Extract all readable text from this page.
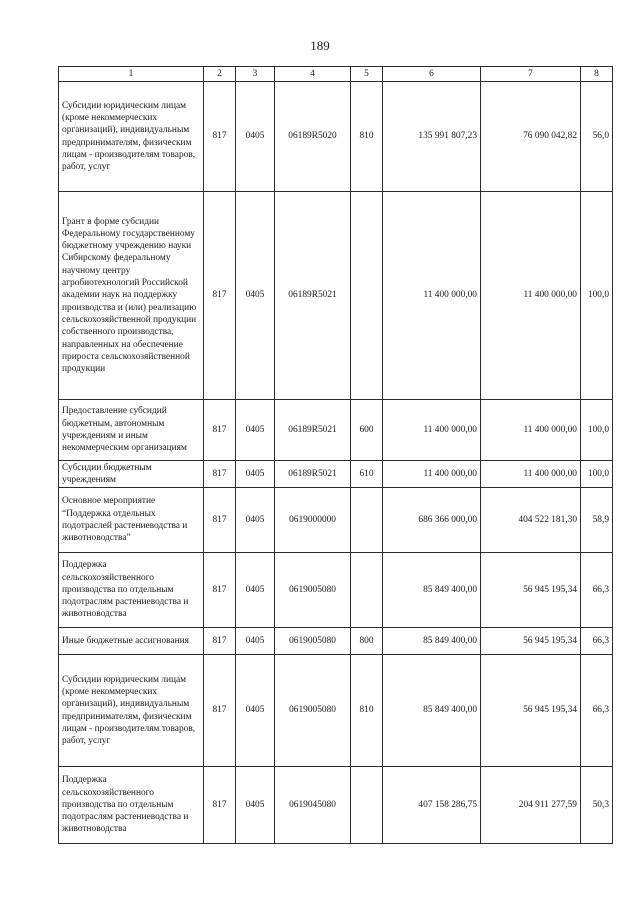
189
1	2	3	4	5	6	7	8
Субсидии юридическим лицам (кроме некоммерческих организаций), индивидуальным предпринимателям, физическим лицам - производителям товаров, работ, услуг	817	0405	06189R5020	810	135 991 807,23	76 090 042,82	56,0
Грант в форме субсидии Федеральному государственному бюджетному учреждению науки Сибирскому федеральному научному центру агробиотехнологий Российской академии наук на поддержку производства и (или) реализацию сельскохозяйственной продукции собственного производства, направленных на обеспечение прироста сельскохозяйственной продукции	817	0405	06189R5021		11 400 000,00	11 400 000,00	100,0
Предоставление субсидий бюджетным, автономным учреждениям и иным некоммерческим организациям	817	0405	06189R5021	600	11 400 000,00	11 400 000,00	100,0
Субсидии бюджетным учреждениям	817	0405	06189R5021	610	11 400 000,00	11 400 000,00	100,0
Основное мероприятие “Поддержка отдельных подотраслей растениеводства и животноводства”	817	0405	0619000000		686 366 000,00	404 522 181,30	58,9
Поддержка сельскохозяйственного производства по отдельным подотраслям растениеводства и животноводства	817	0405	0619005080		85 849 400,00	56 945 195,34	66,3
Иные бюджетные ассигнования	817	0405	0619005080	800	85 849 400,00	56 945 195,34	66,3
Субсидии юридическим лицам (кроме некоммерческих организаций), индивидуальным предпринимателям, физическим лицам - производителям товаров, работ, услуг	817	0405	0619005080	810	85 849 400,00	56 945 195,34	66,3
Поддержка сельскохозяйственного производства по отдельным подотраслям растениеводства и животноводства	817	0405	0619045080		407 158 286,75	204 911 277,59	50,3
